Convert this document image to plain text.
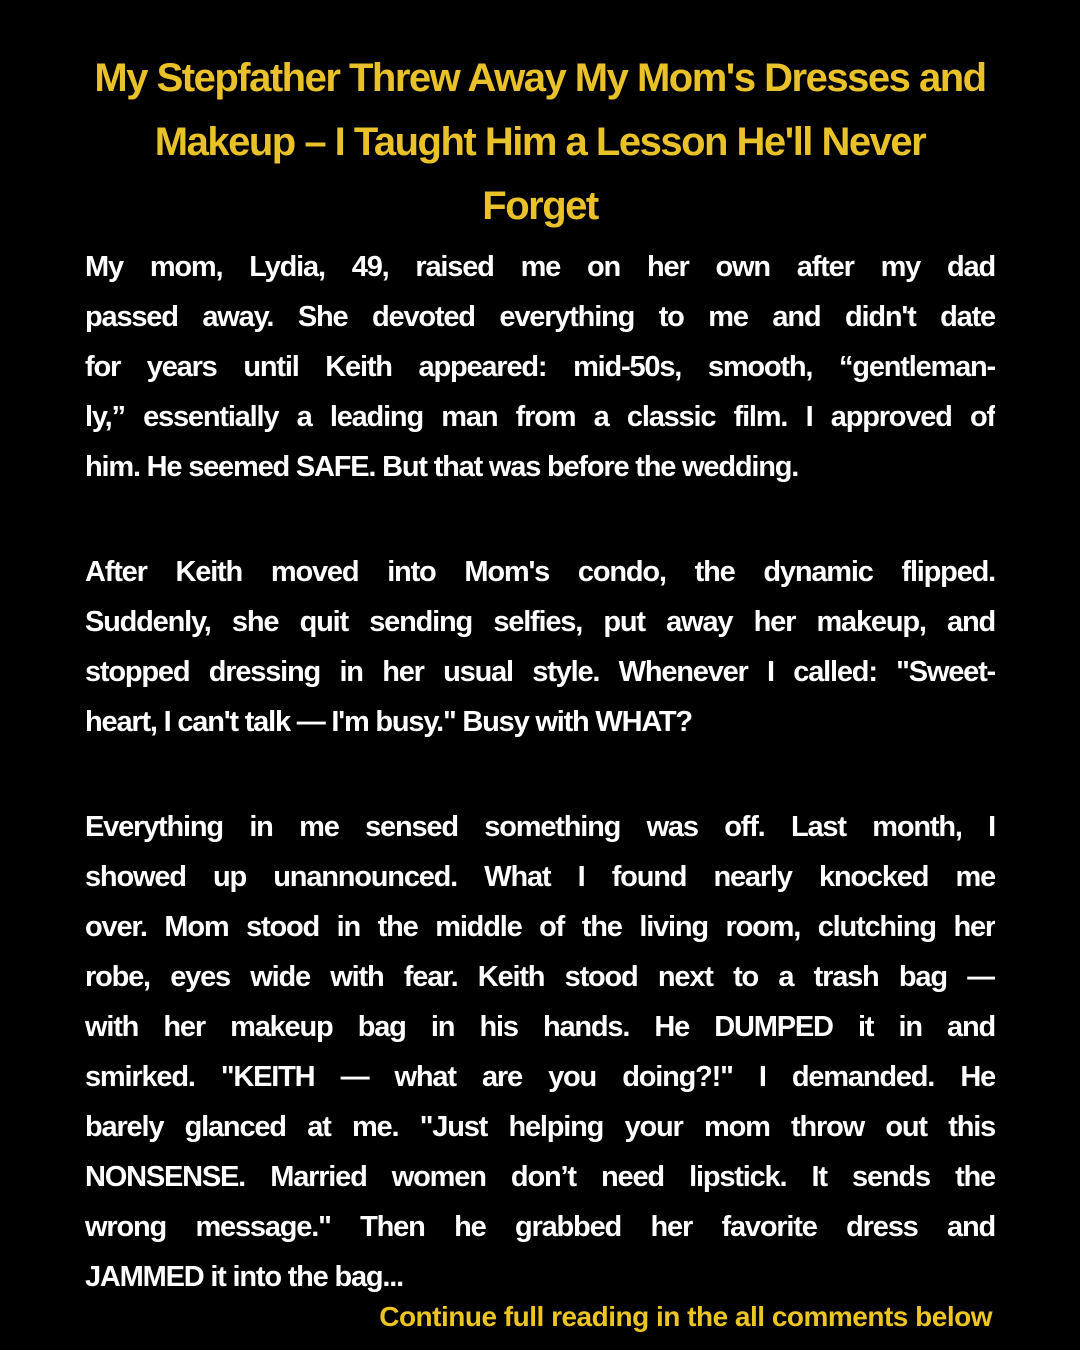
My Stepfather Threw Away My Mom's Dresses and
Makeup – I Taught Him a Lesson He'll Never
Forget
My mom, Lydia, 49, raised me on her own after my dad
passed away. She devoted everything to me and didn't date
for years until Keith appeared: mid-50s, smooth, “gentleman-
ly,” essentially a leading man from a classic film. I approved of
him. He seemed SAFE. But that was before the wedding.
After Keith moved into Mom's condo, the dynamic flipped.
Suddenly, she quit sending selfies, put away her makeup, and
stopped dressing in her usual style. Whenever I called: "Sweet-
heart, I can't talk — I'm busy." Busy with WHAT?
Everything in me sensed something was off. Last month, I
showed up unannounced. What I found nearly knocked me
over. Mom stood in the middle of the living room, clutching her
robe, eyes wide with fear. Keith stood next to a trash bag —
with her makeup bag in his hands. He DUMPED it in and
smirked. "KEITH — what are you doing?!" I demanded. He
barely glanced at me. "Just helping your mom throw out this
NONSENSE. Married women don’t need lipstick. It sends the
wrong message." Then he grabbed her favorite dress and
JAMMED it into the bag...
Continue full reading in the all comments below
